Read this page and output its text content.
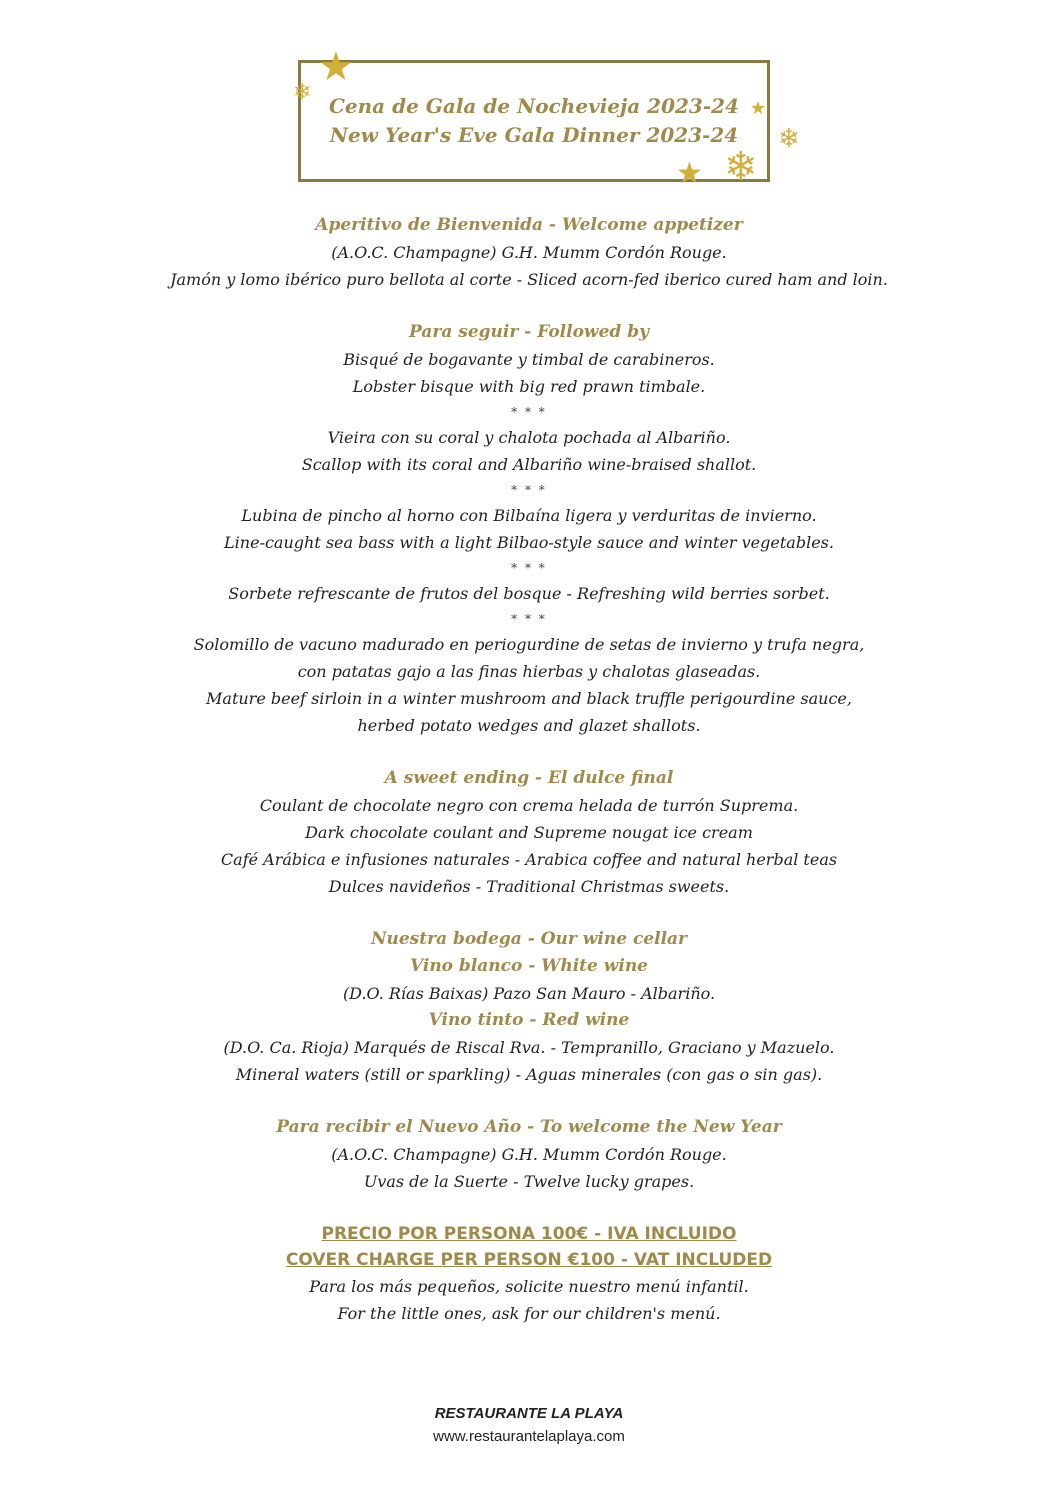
★
❄
★
❄
★ ❄
Cena de Gala de Nochevieja 2023-24
New Year's Eve Gala Dinner 2023-24
Aperitivo de Bienvenida - Welcome appetizer
(A.O.C. Champagne) G.H. Mumm Cordón Rouge.
Jamón y lomo ibérico puro bellota al corte - Sliced acorn-fed iberico cured ham and loin.
Para seguir - Followed by
Bisqué de bogavante y timbal de carabineros.
Lobster bisque with big red prawn timbale.
* * *
Vieira con su coral y chalota pochada al Albariño.
Scallop with its coral and Albariño wine-braised shallot.
* * *
Lubina de pincho al horno con Bilbaína ligera y verduritas de invierno.
Line-caught sea bass with a light Bilbao-style sauce and winter vegetables.
* * *
Sorbete refrescante de frutos del bosque - Refreshing wild berries sorbet.
* * *
Solomillo de vacuno madurado en periogurdine de setas de invierno y trufa negra,
con patatas gajo a las finas hierbas y chalotas glaseadas.
Mature beef sirloin in a winter mushroom and black truffle perigourdine sauce,
herbed potato wedges and glazet shallots.
A sweet ending - El dulce final
Coulant de chocolate negro con crema helada de turrón Suprema.
Dark chocolate coulant and Supreme nougat ice cream
Café Arábica e infusiones naturales - Arabica coffee and natural herbal teas
Dulces navideños - Traditional Christmas sweets.
Nuestra bodega - Our wine cellar
Vino blanco - White wine
(D.O. Rías Baixas) Pazo San Mauro - Albariño.
Vino tinto - Red wine
(D.O. Ca. Rioja) Marqués de Riscal Rva. - Tempranillo, Graciano y Mazuelo.
Mineral waters (still or sparkling) - Aguas minerales (con gas o sin gas).
Para recibir el Nuevo Año - To welcome the New Year
(A.O.C. Champagne) G.H. Mumm Cordón Rouge.
Uvas de la Suerte - Twelve lucky grapes.
PRECIO POR PERSONA 100€ - IVA INCLUIDO
COVER CHARGE PER PERSON €100 - VAT INCLUDED
Para los más pequeños, solicite nuestro menú infantil.
For the little ones, ask for our children's menú.
RESTAURANTE LA PLAYA
www.restaurantelaplaya.com
